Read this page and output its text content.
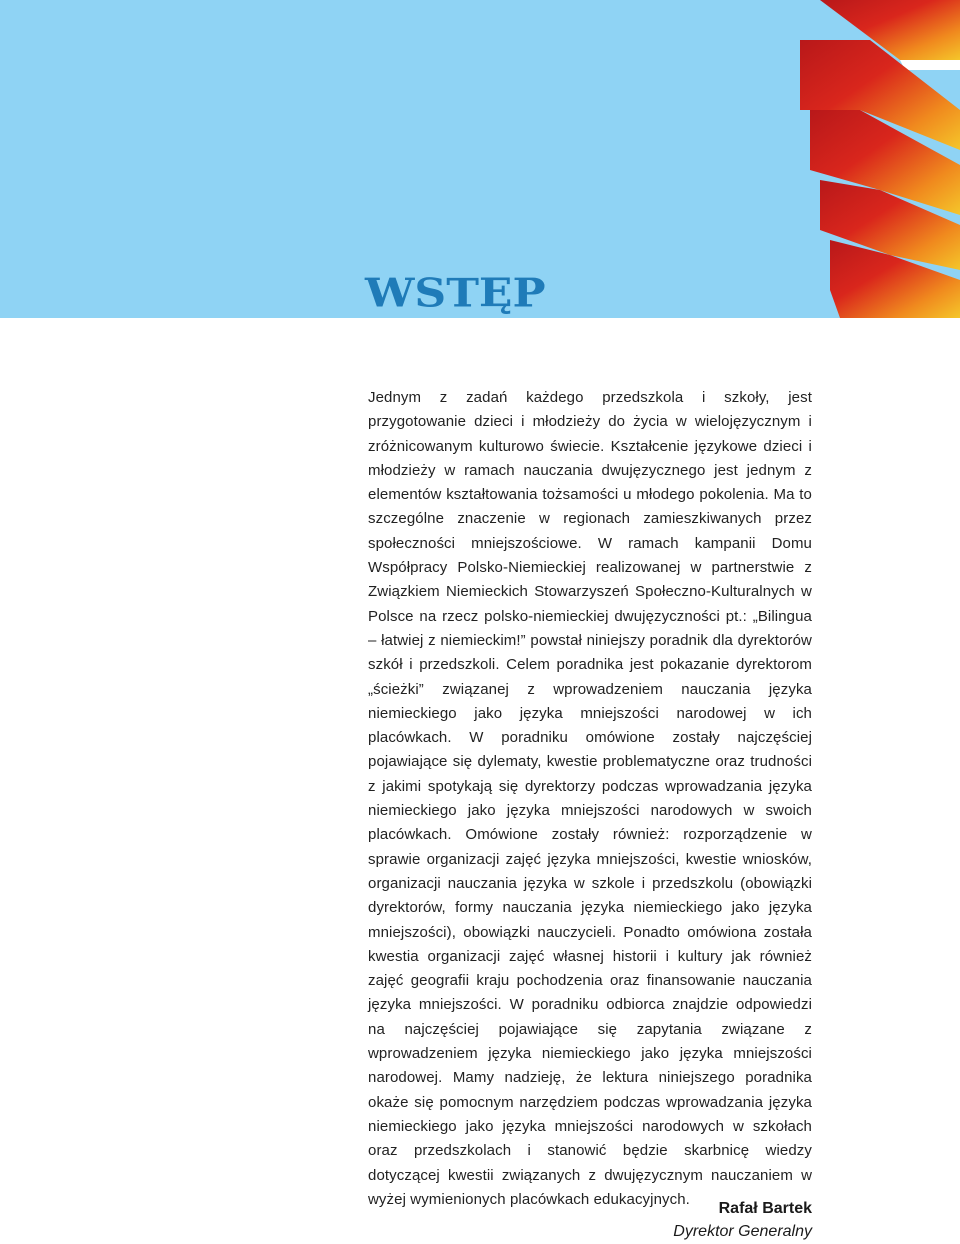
WSTĘP

Jednym z zadań każdego przedszkola i szkoły, jest przygotowanie dzieci i młodzieży do życia w wielojęzycznym i zróżnicowanym kulturowo świecie. Kształcenie językowe dzieci i młodzieży w ramach nauczania dwujęzycznego jest jednym z elementów kształtowania tożsamości u młodego pokolenia. Ma to szczególne znaczenie w regionach zamieszkiwanych przez społeczności mniejszościowe. W ramach kampanii Domu Współpracy Polsko-Niemieckiej realizowanej w partnerstwie z Związkiem Niemieckich Stowarzyszeń Społeczno-Kulturalnych w Polsce na rzecz polsko-niemieckiej dwujęzyczności pt.: „Bilingua – łatwiej z niemieckim!” powstał niniejszy poradnik dla dyrektorów szkół i przedszkoli. Celem poradnika jest pokazanie dyrektorom „ścieżki” związanej z wprowadzeniem nauczania języka niemieckiego jako języka mniejszości narodowej w ich placówkach. W poradniku omówione zostały najczęściej pojawiające się dylematy, kwestie problematyczne oraz trudności z jakimi spotykają się dyrektorzy podczas wprowadzania języka niemieckiego jako języka mniejszości narodowych w swoich placówkach. Omówione zostały również: rozporządzenie w sprawie organizacji zajęć języka mniejszości, kwestie wniosków, organizacji nauczania języka w szkole i przedszkolu (obowiązki dyrektorów, formy nauczania języka niemieckiego jako języka mniejszości), obowiązki nauczycieli. Ponadto omówiona została kwestia organizacji zajęć własnej historii i kultury jak również zajęć geografii kraju pochodzenia oraz finansowanie nauczania języka mniejszości. W poradniku odbiorca znajdzie odpowiedzi na najczęściej pojawiające się zapytania związane z wprowadzeniem języka niemieckiego jako języka mniejszości narodowej. Mamy nadzieję, że lektura niniejszego poradnika okaże się pomocnym narzędziem podczas wprowadzania języka niemieckiego jako języka mniejszości narodowych w szkołach oraz przedszkolach i stanowić będzie skarbnicę wiedzy dotyczącej kwestii związanych z dwujęzycznym nauczaniem w wyżej wymienionych placówkach edukacyjnych.

Rafał Bartek
Dyrektor Generalny
